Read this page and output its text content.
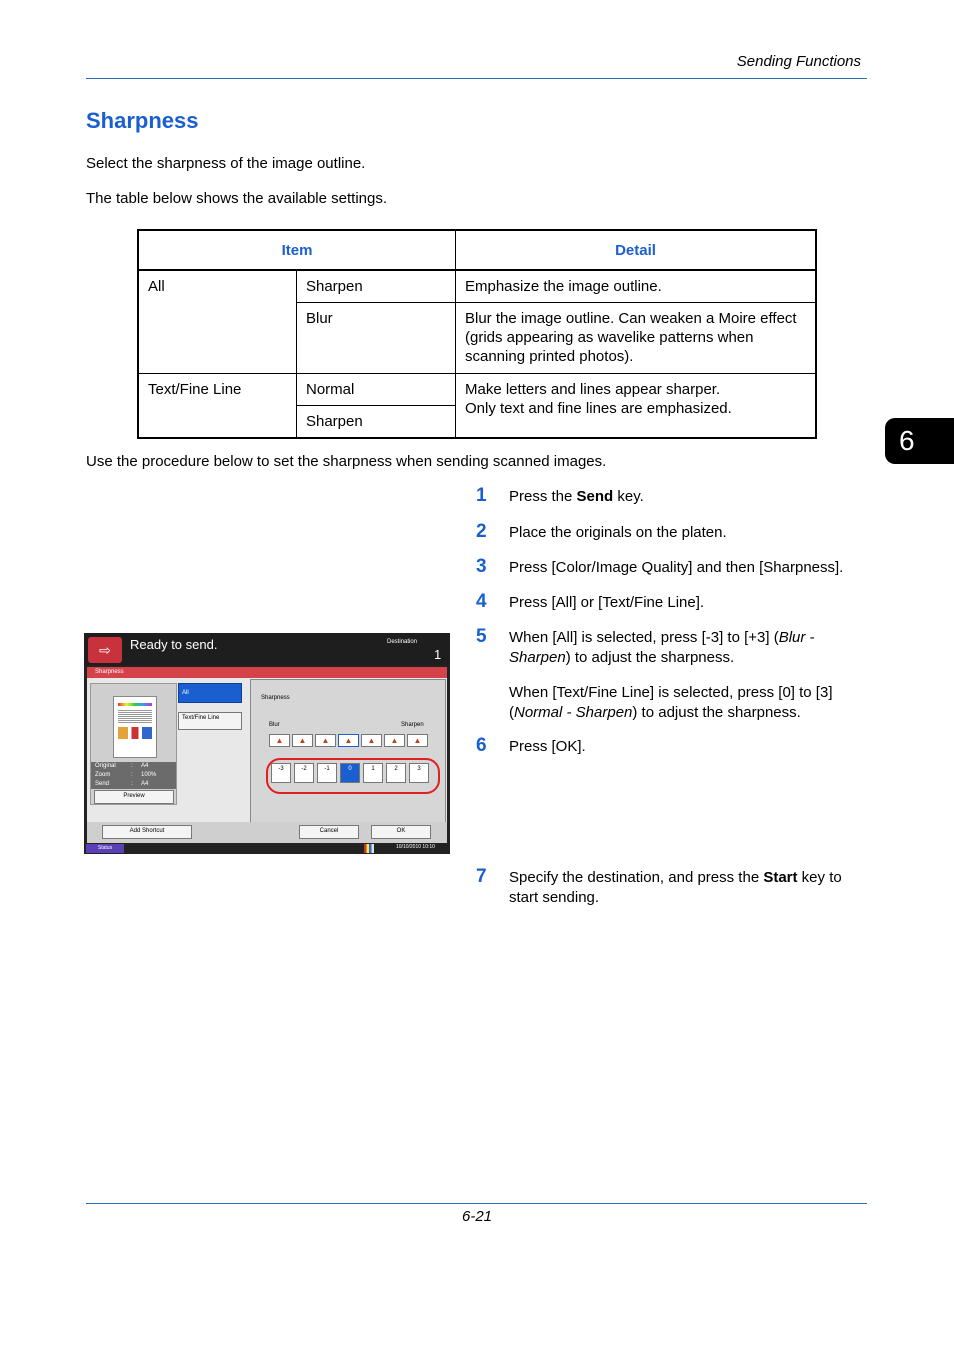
Sending Functions
Sharpness
Select the sharpness of the image outline.
The table below shows the available settings.
6
Item		Detail
All	Sharpen	Emphasize the image outline.
	Blur	Blur the image outline. Can weaken a Moire effect (grids appearing as wavelike patterns when scanning printed photos).
Text/Fine Line	Normal	Make letters and lines appear sharper.
Only text and fine lines are emphasized.

	Sharpen	
Use the procedure below to set the sharpness when sending scanned images.
1 Press the Send key.
2 Place the originals on the platen.
3 Press [Color/Image Quality] and then [Sharpness].
4 Press [All] or [Text/Fine Line].
5 When [All] is selected, press [-3] to [+3] (Blur - Sharpen) to adjust the sharpness.
When [Text/Fine Line] is selected, press [0] to [3] (Normal - Sharpen) to adjust the sharpness.
6 Press [OK].
7 Specify the destination, and press the Start key to start sending.
⇨	Ready to send.	Destination
1
Sharpness
Original	: A4
Zoom	: 100%
Send	: A4
Preview
All
Text/Fine Line
Sharpness
Blur	Sharpen
▲	▲	▲	▲	▲	▲	▲
-3	-2	-1	0	1	2	3
Add Shortcut	Cancel	OK
Status	10/10/2010 10:10
6-21
